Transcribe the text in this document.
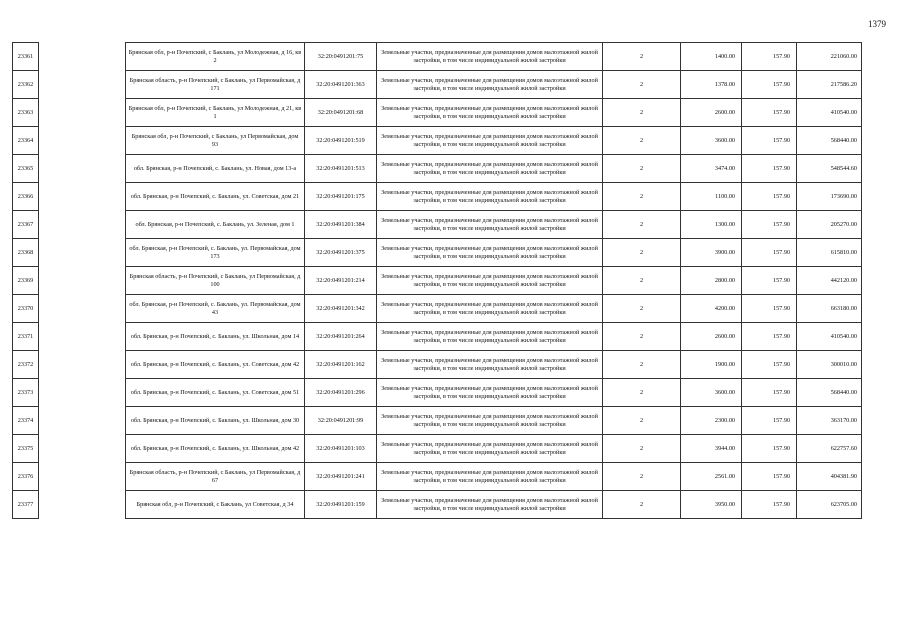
1379
23361		Брянская обл, р-н Почепский, с Баклань, ул Молодежная, д 16, кв 2	32:20:0491201:75	Земельные участки, предназначенные для размещения домов малоэтажной жилой застройки, в том числе индивидуальной жилой застройки	2	1400.00	157.90	221060.00
23362		Брянская область, р-н Почепский, с Баклань, ул Первомайская, д 171	32:20:0491201:363	Земельные участки, предназначенные для размещения домов малоэтажной жилой застройки, в том числе индивидуальной жилой застройки	2	1378.00	157.90	217586.20
23363		Брянская обл, р-н Почепский, с Баклань, ул Молодежная, д 21, кв 1	32:20:0491201:68	Земельные участки, предназначенные для размещения домов малоэтажной жилой застройки, в том числе индивидуальной жилой застройки	2	2600.00	157.90	410540.00
23364		Брянская обл, р-н Почепский, с Баклань, ул Первомайская, дом 93	32:20:0491201:519	Земельные участки, предназначенные для размещения домов малоэтажной жилой застройки, в том числе индивидуальной жилой застройки	2	3600.00	157.90	568440.00
23365		обл. Брянская, р-н Почепский, с. Баклань, ул. Новая, дом 13-а	32:20:0491201:513	Земельные участки, предназначенные для размещения домов малоэтажной жилой застройки, в том числе индивидуальной жилой застройки	2	3474.00	157.90	548544.60
23366		обл. Брянская, р-н Почепский, с. Баклань, ул. Советская, дом 21	32:20:0491201:175	Земельные участки, предназначенные для размещения домов малоэтажной жилой застройки, в том числе индивидуальной жилой застройки	2	1100.00	157.90	173690.00
23367		обл. Брянская, р-н Почепский, с. Баклань, ул. Зеленая, дом 1	32:20:0491201:384	Земельные участки, предназначенные для размещения домов малоэтажной жилой застройки, в том числе индивидуальной жилой застройки	2	1300.00	157.90	205270.00
23368		обл. Брянская, р-н Почепский, с. Баклань, ул. Первомайская, дом 173	32:20:0491201:375	Земельные участки, предназначенные для размещения домов малоэтажной жилой застройки, в том числе индивидуальной жилой застройки	2	3900.00	157.90	615810.00
23369		Брянская область, р-н Почепский, с Баклань, ул Первомайская, д 100	32:20:0491201:214	Земельные участки, предназначенные для размещения домов малоэтажной жилой застройки, в том числе индивидуальной жилой застройки	2	2800.00	157.90	442120.00
23370		обл. Брянская, р-н Почепский, с. Баклань, ул. Первомайская, дом 43	32:20:0491201:342	Земельные участки, предназначенные для размещения домов малоэтажной жилой застройки, в том числе индивидуальной жилой застройки	2	4200.00	157.90	663180.00
23371		обл. Брянская, р-н Почепский, с. Баклань, ул. Школьная, дом 14	32:20:0491201:264	Земельные участки, предназначенные для размещения домов малоэтажной жилой застройки, в том числе индивидуальной жилой застройки	2	2600.00	157.90	410540.00
23372		обл. Брянская, р-н Почепский, с. Баклань, ул. Советская, дом 42	32:20:0491201:162	Земельные участки, предназначенные для размещения домов малоэтажной жилой застройки, в том числе индивидуальной жилой застройки	2	1900.00	157.90	300010.00
23373		обл. Брянская, р-н Почепский, с. Баклань, ул. Советская, дом 51	32:20:0491201:296	Земельные участки, предназначенные для размещения домов малоэтажной жилой застройки, в том числе индивидуальной жилой застройки	2	3600.00	157.90	568440.00
23374		обл. Брянская, р-н Почепский, с. Баклань, ул. Школьная, дом 30	32:20:0491201:99	Земельные участки, предназначенные для размещения домов малоэтажной жилой застройки, в том числе индивидуальной жилой застройки	2	2300.00	157.90	363170.00
23375		обл. Брянская, р-н Почепский, с. Баклань, ул. Школьная, дом 42	32:20:0491201:103	Земельные участки, предназначенные для размещения домов малоэтажной жилой застройки, в том числе индивидуальной жилой застройки	2	3944.00	157.90	622757.60
23376		Брянская область, р-н Почепский, с Баклань, ул Первомайская, д 67	32:20:0491201:241	Земельные участки, предназначенные для размещения домов малоэтажной жилой застройки, в том числе индивидуальной жилой застройки	2	2561.00	157.90	404381.90
23377		Брянская обл, р-н Почепский, с Баклань, ул Советская, д 34	32:20:0491201:159	Земельные участки, предназначенные для размещения домов малоэтажной жилой застройки, в том числе индивидуальной жилой застройки	2	3950.00	157.90	623705.00
